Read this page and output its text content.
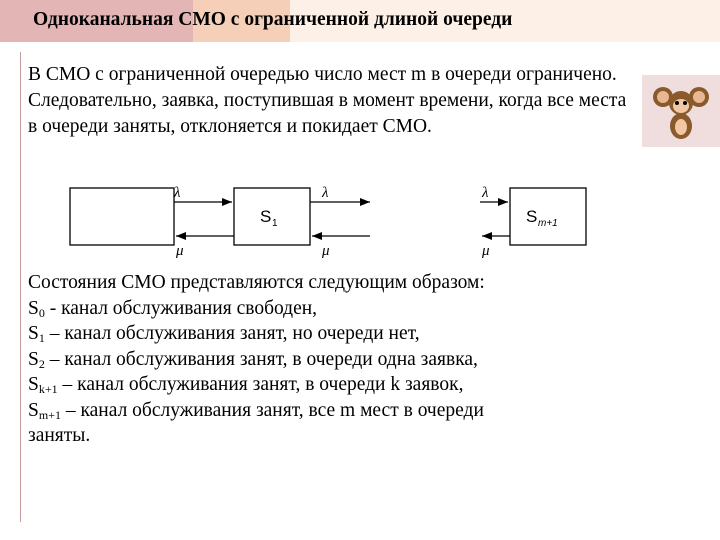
Одноканальная СМО с ограниченной длиной очереди

В СМО с ограниченной очередью число мест m в очереди ограничено. Следовательно, заявка, поступившая в момент времени, когда все места в очереди заняты, отклоняется и покидает СМО.

λ	λ	λ
μ	μ	μ
S 1	S m+1
Состояния СМО представляются следующим образом:
$S_0$ - канал обслуживания свободен,
$S_1$ – канал обслуживания занят, но очереди нет,
$S_2$ – канал обслуживания занят, в очереди одна заявка,
$S_{k+1}$ – канал обслуживания занят, в очереди k заявок,
$S_{m+1}$ – канал обслуживания занят, все m мест в очереди
заняты.
